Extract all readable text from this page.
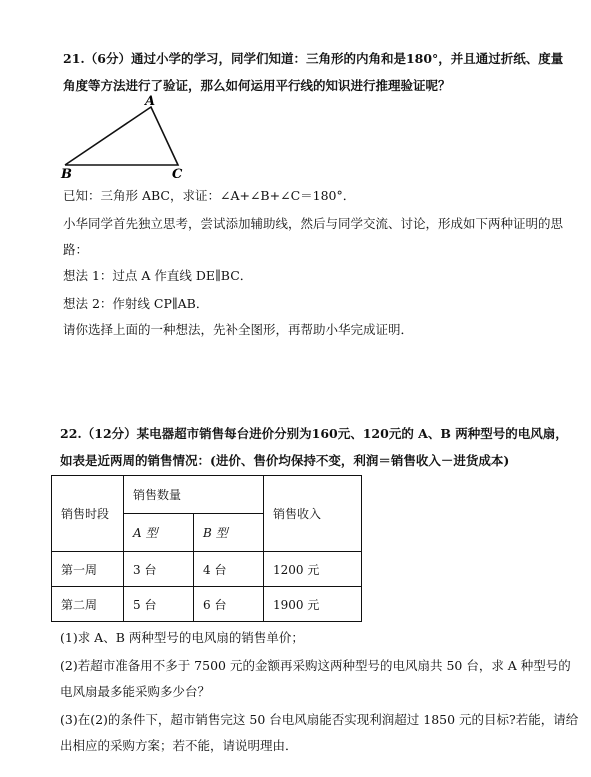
21.（6分）通过小学的学习，同学们知道：三角形的内角和是180°，并且通过折纸、度量
角度等方法进行了验证，那么如何运用平行线的知识进行推理验证呢？
A
B	C
已知：三角形 ABC，求证：∠A+∠B+∠C＝180°．
小华同学首先独立思考，尝试添加辅助线，然后与同学交流、讨论，形成如下两种证明的思
路：
想法 1：过点 A 作直线 DE∥BC．
想法 2：作射线 CP∥AB．
请你选择上面的一种想法，先补全图形，再帮助小华完成证明．
22.（12分）某电器超市销售每台进价分别为160元、120元的 A、B 两种型号的电风扇，
如表是近两周的销售情况：(进价、售价均保持不变，利润＝销售收入－进货成本)
销售时段	销售数量		销售收入
	A 型	B 型	
第一周	3 台	4 台	1200 元
第二周	5 台	6 台	1900 元
(1)求 A、B 两种型号的电风扇的销售单价；
(2)若超市准备用不多于 7500 元的金额再采购这两种型号的电风扇共 50 台，求 A 种型号的
电风扇最多能采购多少台？
(3)在(2)的条件下，超市销售完这 50 台电风扇能否实现利润超过 1850 元的目标?若能，请给
出相应的采购方案；若不能，请说明理由．
